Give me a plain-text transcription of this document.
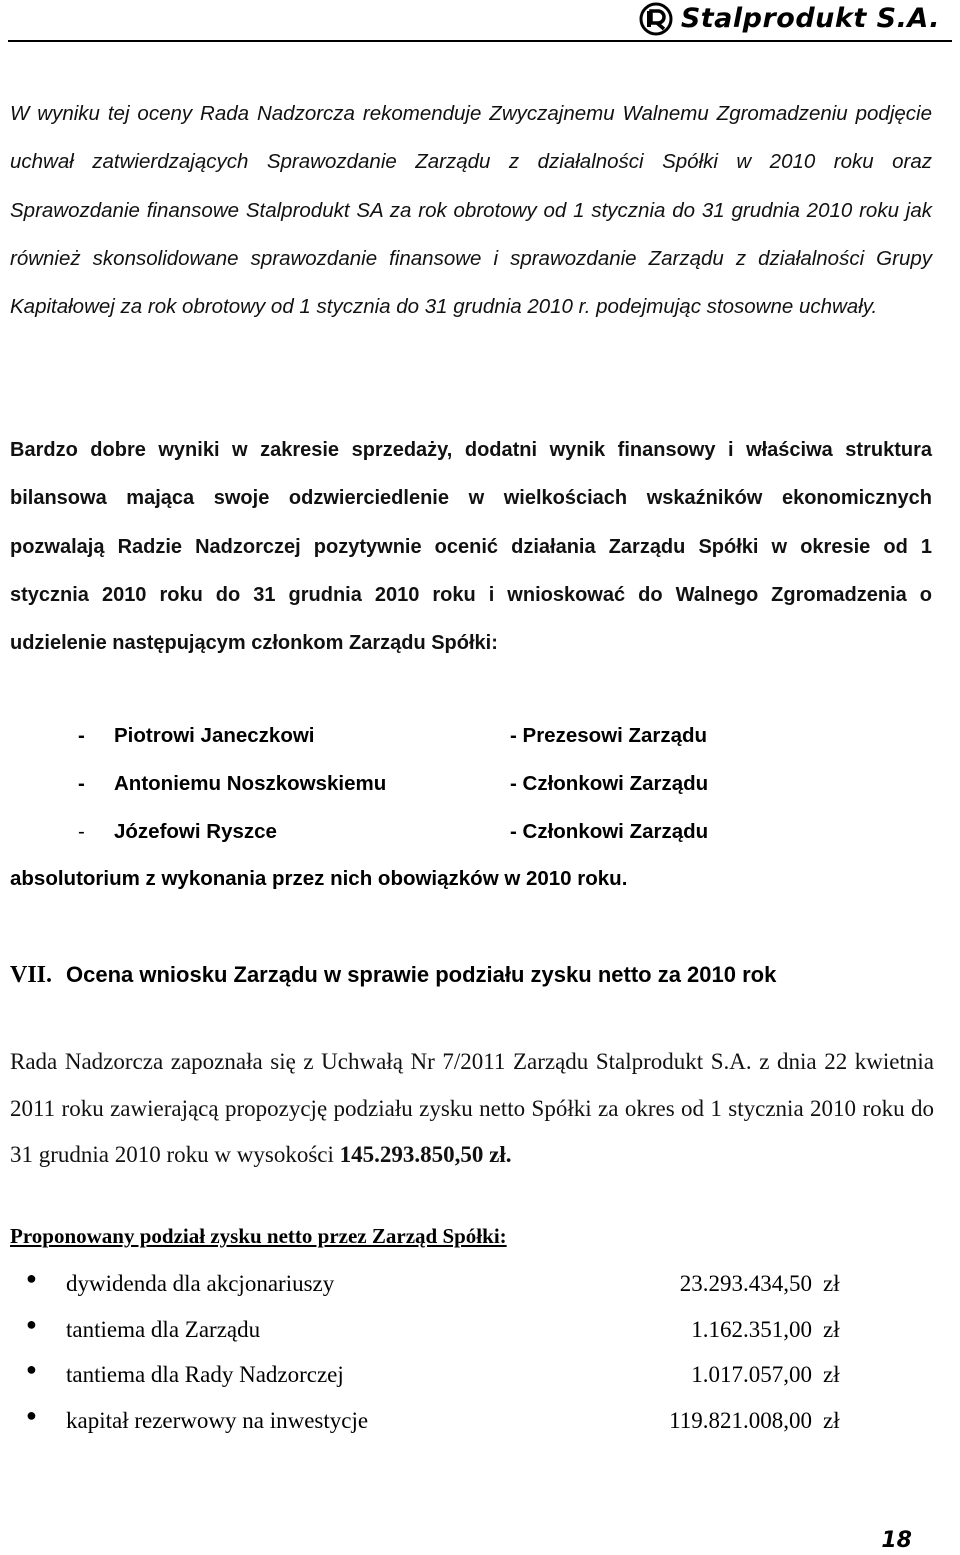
Stalprodukt S.A.
W wyniku tej oceny Rada Nadzorcza rekomenduje Zwyczajnemu Walnemu Zgromadzeniu podjęcie uchwał zatwierdzających Sprawozdanie Zarządu z działalności Spółki w 2010 roku oraz Sprawozdanie finansowe Stalprodukt SA za rok obrotowy od 1 stycznia do 31 grudnia 2010 roku jak również skonsolidowane sprawozdanie finansowe i sprawozdanie Zarządu z działalności Grupy Kapitałowej za rok obrotowy od 1 stycznia do 31 grudnia 2010 r. podejmując stosowne uchwały.
Bardzo dobre wyniki w zakresie sprzedaży, dodatni wynik finansowy i właściwa struktura bilansowa mająca swoje odzwierciedlenie w wielkościach wskaźników ekonomicznych pozwalają Radzie Nadzorczej pozytywnie ocenić działania Zarządu Spółki w okresie od 1 stycznia 2010 roku do 31 grudnia 2010 roku i wnioskować do Walnego Zgromadzenia o udzielenie następującym członkom Zarządu Spółki:
- Piotrowi Janeczkowi	- Prezesowi Zarządu
- Antoniemu Noszkowskiemu	- Członkowi Zarządu
- Józefowi Ryszce	- Członkowi Zarządu
absolutorium z wykonania przez nich obowiązków w 2010 roku.
VII. Ocena wniosku Zarządu w sprawie podziału zysku netto za 2010 rok
Rada Nadzorcza zapoznała się z Uchwałą Nr 7/2011 Zarządu Stalprodukt S.A. z dnia 22 kwietnia 2011 roku zawierającą propozycję podziału zysku netto Spółki za okres od 1 stycznia 2010 roku do 31 grudnia 2010 roku w wysokości 145.293.850,50 zł.
Proponowany podział zysku netto przez Zarząd Spółki:
● dywidenda dla akcjonariuszy	23.293.434,50 zł
● tantiema dla Zarządu	1.162.351,00 zł
● tantiema dla Rady Nadzorczej	1.017.057,00 zł
● kapitał rezerwowy na inwestycje	119.821.008,00 zł
18
